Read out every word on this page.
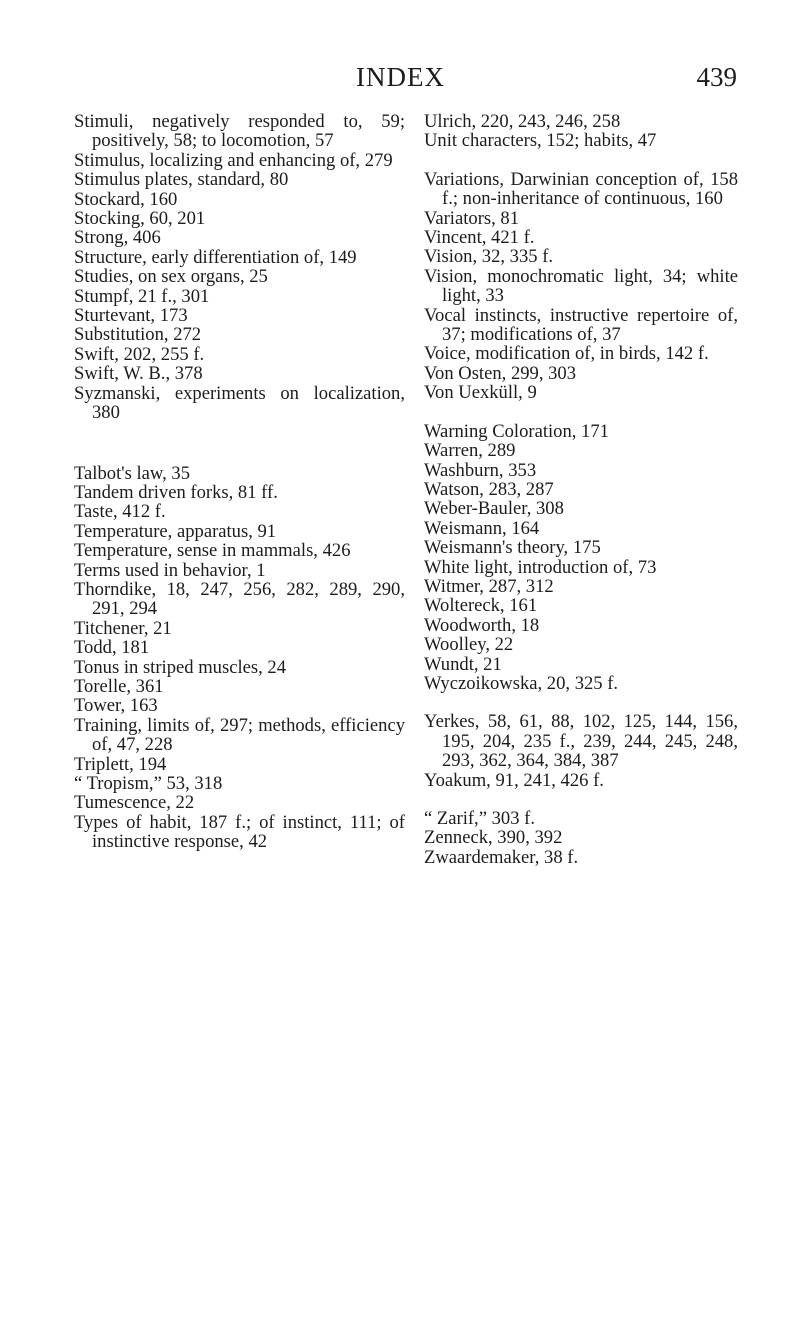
INDEX	439

Stimuli, negatively responded to, 59; positively, 58; to locomotion, 57

Stimulus, localizing and enhancing of, 279

Stimulus plates, standard, 80

Stockard, 160

Stocking, 60, 201

Strong, 406

Structure, early differentiation of, 149

Studies, on sex organs, 25

Stumpf, 21 f., 301

Sturtevant, 173

Substitution, 272

Swift, 202, 255 f.

Swift, W. B., 378

Syzmanski, experiments on localization, 380

Talbot's law, 35

Tandem driven forks, 81 ff.

Taste, 412 f.

Temperature, apparatus, 91

Temperature, sense in mammals, 426

Terms used in behavior, 1

Thorndike, 18, 247, 256, 282, 289, 290, 291, 294

Titchener, 21

Todd, 181

Tonus in striped muscles, 24

Torelle, 361

Tower, 163

Training, limits of, 297; methods, efficiency of, 47, 228

Triplett, 194

“ Tropism,” 53, 318

Tumescence, 22

Types of habit, 187 f.; of instinct, 111; of instinctive response, 42

Ulrich, 220, 243, 246, 258

Unit characters, 152; habits, 47

Variations, Darwinian conception of, 158 f.; non-inheritance of continuous, 160

Variators, 81

Vincent, 421 f.

Vision, 32, 335 f.

Vision, monochromatic light, 34; white light, 33

Vocal instincts, instructive repertoire of, 37; modifications of, 37

Voice, modification of, in birds, 142 f.

Von Osten, 299, 303

Von Uexküll, 9

Warning Coloration, 171

Warren, 289

Washburn, 353

Watson, 283, 287

Weber-Bauler, 308

Weismann, 164

Weismann's theory, 175

White light, introduction of, 73

Witmer, 287, 312

Woltereck, 161

Woodworth, 18

Woolley, 22

Wundt, 21

Wyczoikowska, 20, 325 f.

Yerkes, 58, 61, 88, 102, 125, 144, 156, 195, 204, 235 f., 239, 244, 245, 248, 293, 362, 364, 384, 387

Yoakum, 91, 241, 426 f.

“ Zarif,” 303 f.

Zenneck, 390, 392

Zwaardemaker, 38 f.
